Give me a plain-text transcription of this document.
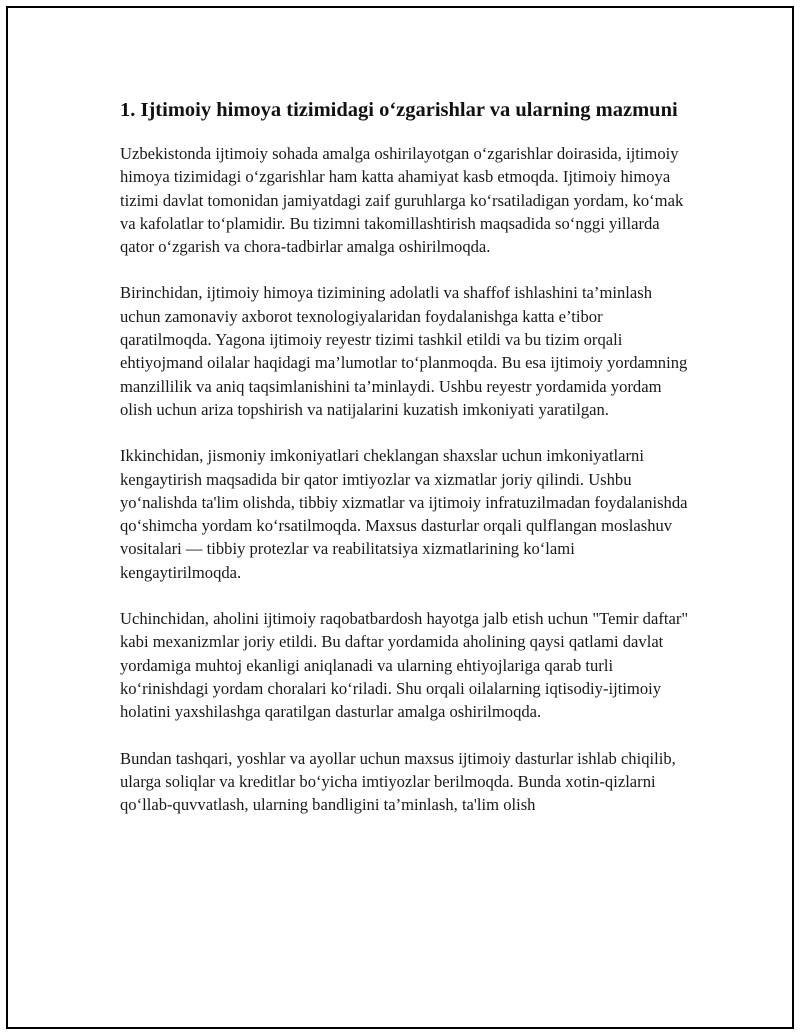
1. Ijtimoiy himoya tizimidagi o‘zgarishlar va ularning mazmuni

Uzbekistonda ijtimoiy sohada amalga oshirilayotgan o‘zgarishlar doirasida, ijtimoiy himoya tizimidagi o‘zgarishlar ham katta ahamiyat kasb etmoqda. Ijtimoiy himoya tizimi davlat tomonidan jamiyatdagi zaif guruhlarga ko‘rsatiladigan yordam, ko‘mak va kafolatlar to‘plamidir. Bu tizimni takomillashtirish maqsadida so‘nggi yillarda qator o‘zgarish va chora-tadbirlar amalga oshirilmoqda.

Birinchidan, ijtimoiy himoya tizimining adolatli va shaffof ishlashini ta’minlash uchun zamonaviy axborot texnologiyalaridan foydalanishga katta e’tibor qaratilmoqda. Yagona ijtimoiy reyestr tizimi tashkil etildi va bu tizim orqali ehtiyojmand oilalar haqidagi ma’lumotlar to‘planmoqda. Bu esa ijtimoiy yordamning manzillilik va aniq taqsimlanishini ta’minlaydi. Ushbu reyestr yordamida yordam olish uchun ariza topshirish va natijalarini kuzatish imkoniyati yaratilgan.

Ikkinchidan, jismoniy imkoniyatlari cheklangan shaxslar uchun imkoniyatlarni kengaytirish maqsadida bir qator imtiyozlar va xizmatlar joriy qilindi. Ushbu yo‘nalishda ta'lim olishda, tibbiy xizmatlar va ijtimoiy infratuzilmadan foydalanishda qo‘shimcha yordam ko‘rsatilmoqda. Maxsus dasturlar orqali qulflangan moslashuv vositalari — tibbiy protezlar va reabilitatsiya xizmatlarining ko‘lami kengaytirilmoqda.

Uchinchidan, aholini ijtimoiy raqobatbardosh hayotga jalb etish uchun "Temir daftar" kabi mexanizmlar joriy etildi. Bu daftar yordamida aholining qaysi qatlami davlat yordamiga muhtoj ekanligi aniqlanadi va ularning ehtiyojlariga qarab turli ko‘rinishdagi yordam choralari ko‘riladi. Shu orqali oilalarning iqtisodiy-ijtimoiy holatini yaxshilashga qaratilgan dasturlar amalga oshirilmoqda.

Bundan tashqari, yoshlar va ayollar uchun maxsus ijtimoiy dasturlar ishlab chiqilib, ularga soliqlar va kreditlar bo‘yicha imtiyozlar berilmoqda. Bunda xotin-qizlarni qo‘llab-quvvatlash, ularning bandligini ta’minlash, ta'lim olish
